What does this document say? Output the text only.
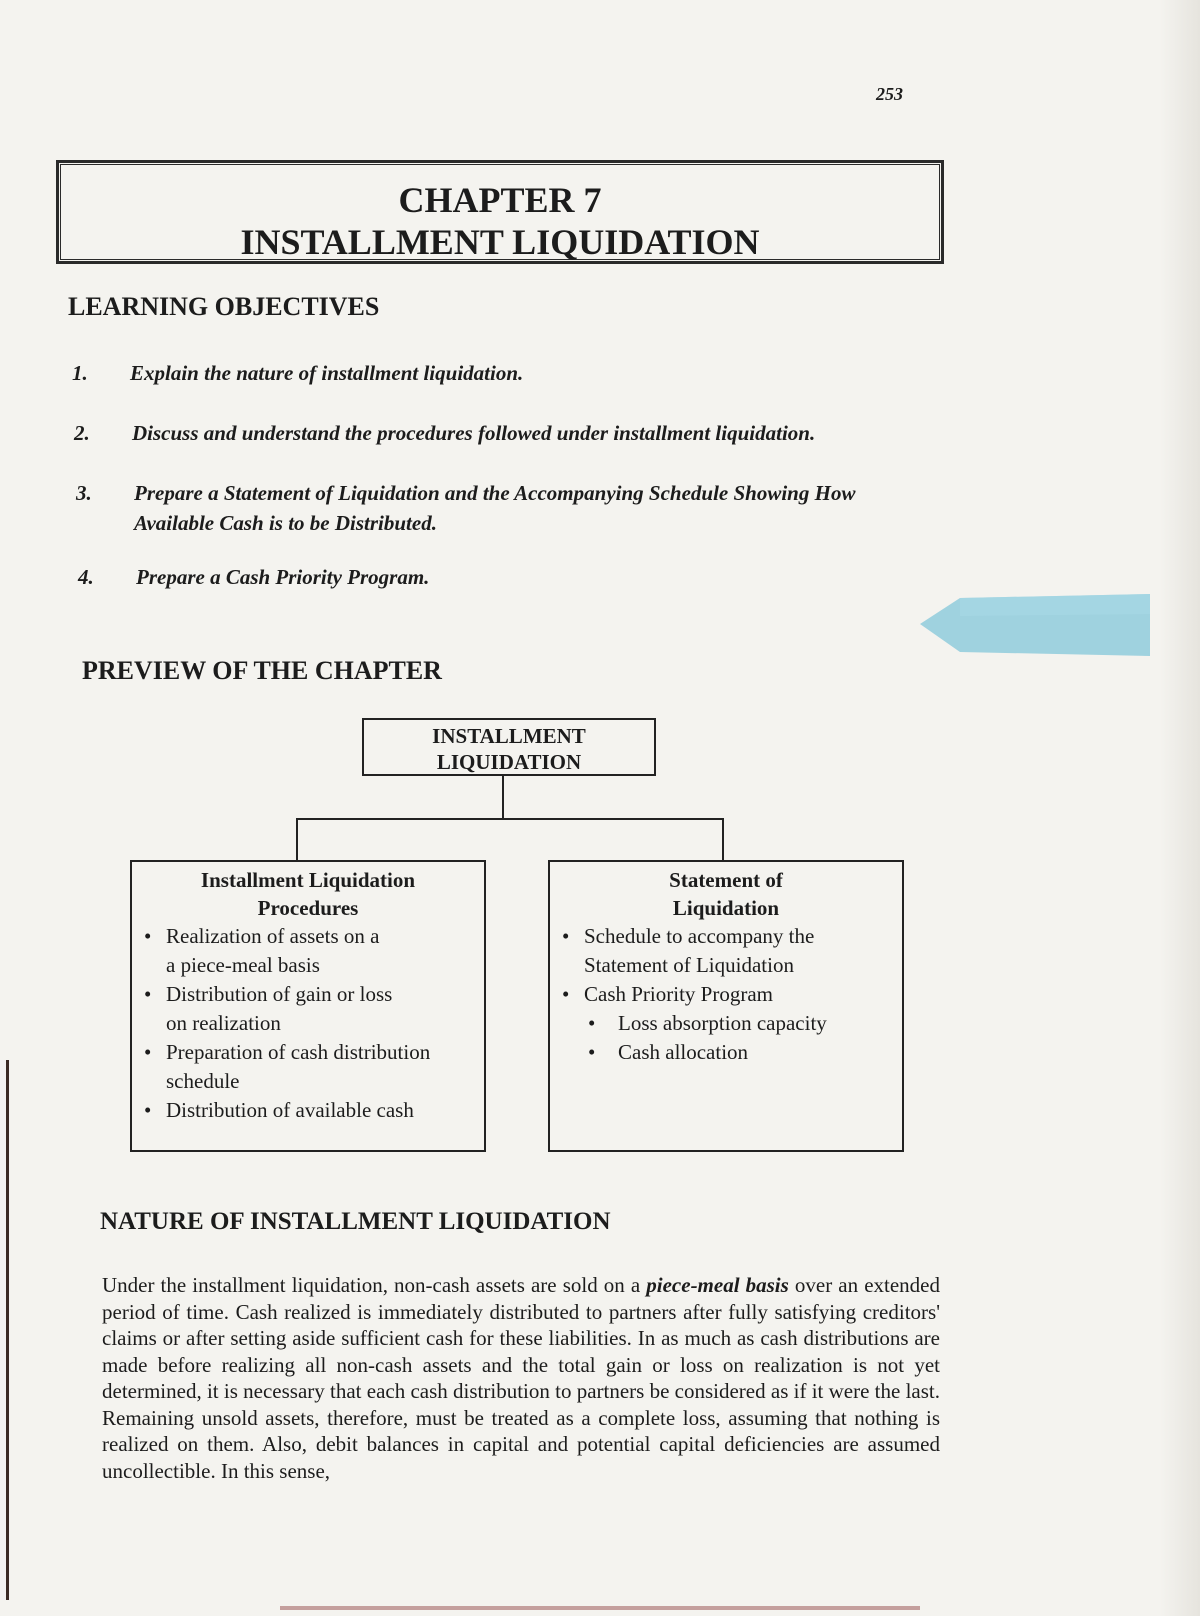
253
CHAPTER 7
INSTALLMENT LIQUIDATION
LEARNING OBJECTIVES
1. Explain the nature of installment liquidation.
2. Discuss and understand the procedures followed under installment liquidation.
3. Prepare a Statement of Liquidation and the Accompanying Schedule Showing How Available Cash is to be Distributed.
4. Prepare a Cash Priority Program.
PREVIEW OF THE CHAPTER
INSTALLMENT
LIQUIDATION
Installment Liquidation
Procedures
• Realization of assets on a
a piece-meal basis
• Distribution of gain or loss
on realization
• Preparation of cash distribution
schedule
• Distribution of available cash
Statement of
Liquidation
• Schedule to accompany the
Statement of Liquidation
• Cash Priority Program
• Loss absorption capacity
• Cash allocation
NATURE OF INSTALLMENT LIQUIDATION
Under the installment liquidation, non-cash assets are sold on a piece-meal basis over an extended period of time. Cash realized is immediately distributed to partners after fully satisfying creditors' claims or after setting aside sufficient cash for these liabilities. In as much as cash distributions are made before realizing all non-cash assets and the total gain or loss on realization is not yet determined, it is necessary that each cash distribution to partners be considered as if it were the last. Remaining unsold assets, therefore, must be treated as a complete loss, assuming that nothing is realized on them. Also, debit balances in capital and potential capital deficiencies are assumed uncollectible. In this sense,
